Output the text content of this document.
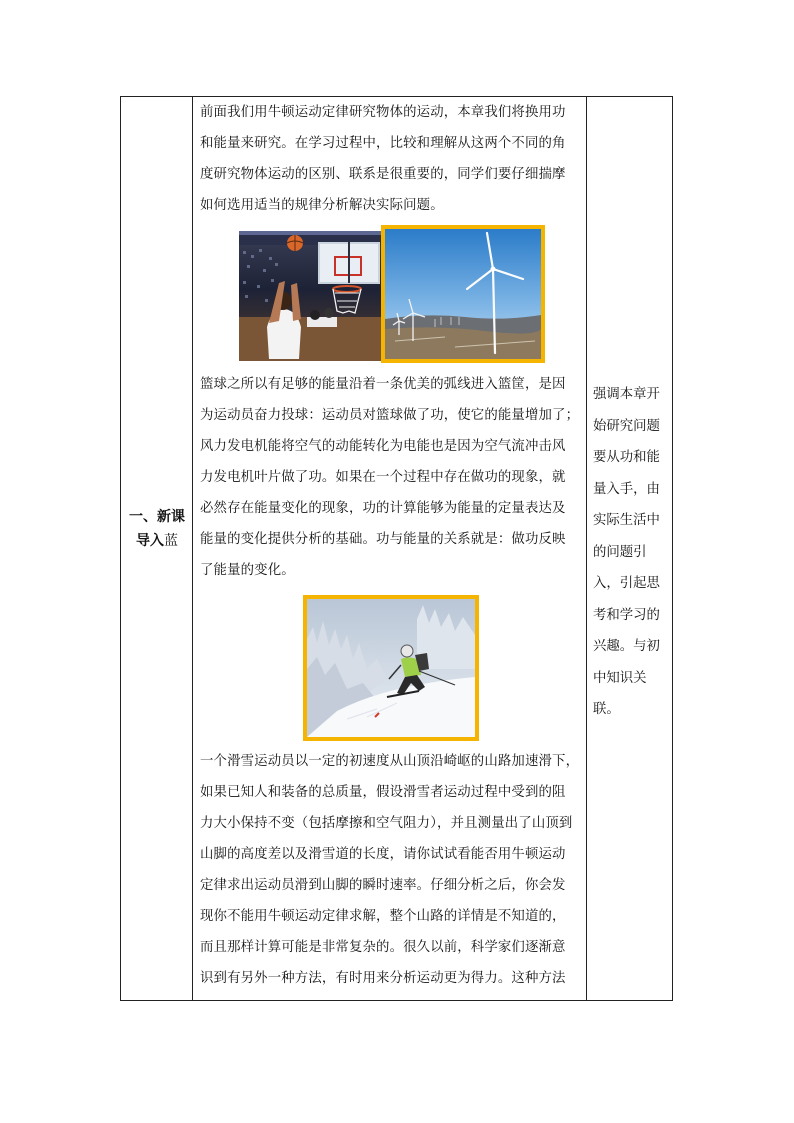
一、新课
导入蓝
前面我们用牛顿运动定律研究物体的运动，本章我们将换用功
和能量来研究。在学习过程中，比较和理解从这两个不同的角
度研究物体运动的区别、联系是很重要的，同学们要仔细揣摩
如何选用适当的规律分析解决实际问题。
篮球之所以有足够的能量沿着一条优美的弧线进入篮筐，是因
为运动员奋力投球：运动员对篮球做了功，使它的能量增加了；
风力发电机能将空气的动能转化为电能也是因为空气流冲击风
力发电机叶片做了功。如果在一个过程中存在做功的现象，就
必然存在能量变化的现象，功的计算能够为能量的定量表达及
能量的变化提供分析的基础。功与能量的关系就是：做功反映
了能量的变化。
一个滑雪运动员以一定的初速度从山顶沿崎岖的山路加速滑下，
如果已知人和装备的总质量，假设滑雪者运动过程中受到的阻
力大小保持不变（包括摩擦和空气阻力），并且测量出了山顶到
山脚的高度差以及滑雪道的长度，请你试试看能否用牛顿运动
定律求出运动员滑到山脚的瞬时速率。仔细分析之后，你会发
现你不能用牛顿运动定律求解，整个山路的详情是不知道的，
而且那样计算可能是非常复杂的。很久以前，科学家们逐渐意
识到有另外一种方法，有时用来分析运动更为得力。这种方法
强调本章开
始研究问题
要从功和能
量入手，由
实际生活中
的问题引
入，引起思
考和学习的
兴趣。与初
中知识关
联。
